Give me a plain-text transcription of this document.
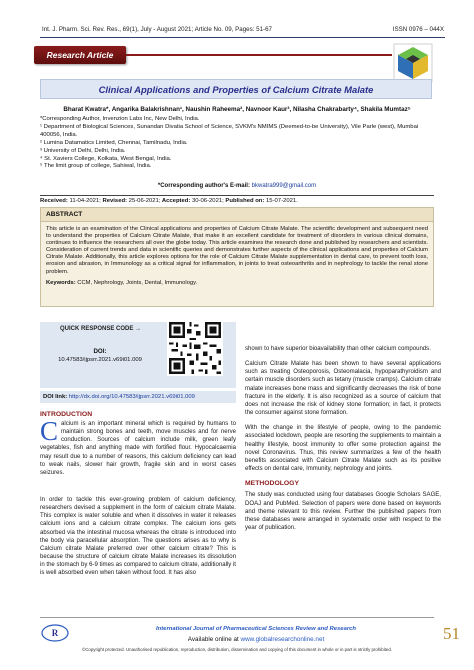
Int. J. Pharm. Sci. Rev. Res., 69(1), July - August 2021; Article No. 09, Pages: 51-67	ISSN 0976 – 044X
Research Article
Clinical Applications and Properties of Calcium Citrate Malate
Bharat Kwatra*, Angarika Balakrishnan¹, Naushin Raheema², Navnoor Kaur³, Nilasha Chakrabarty⁴, Shakila Mumtaz⁵
*Corresponding Author, Invenzion Labs Inc, New Delhi, India.
¹ Department of Biological Sciences, Sunandan Divatia School of Science, SVKM's NMIMS (Deemed-to-be University), Vile Parle (west), Mumbai 400056, India.
² Lumina Datamatics Limited, Chennai, Tamilnadu, India.
³ University of Delhi, Delhi, India.
⁴ St. Xaviers College, Kolkata, West Bengal, India.
⁵ The limit group of college, Sahiwal, India.
*Corresponding author's E-mail: bkwatra999@gmail.com
Received: 11-04-2021; Revised: 25-06-2021; Accepted: 30-06-2021; Published on: 15-07-2021.
ABSTRACT
This article is an examination of the Clinical applications and properties of Calcium Citrate Malate. The scientific development and subsequent need to understand the properties of Calcium Citrate Malate, that make it an excellent candidate for treatment of disorders in various clinical domains, continues to influence the researchers all over the globe today. This article examines the research done and published by researchers and scientists. Consideration of current trends and data in scientific queries and demonstrates further aspects of the clinical applications and properties of Calcium Citrate Malate. Additionally, this article explores options for the role of Calcium Citrate Malate supplementation in dental care, to prevent tooth loss, erosion and abrasion, in Immunology as a critical signal for inflammation, in joints to treat osteoarthritis and in nephrology to tackle the renal stone problem.
Keywords: CCM, Nephrology, Joints, Dental, Immunology.
QUICK RESPONSE CODE →
DOI:
10.47583/ijpsrr.2021.v69i01.009
DOI link: http://dx.doi.org/10.47583/ijpsrr.2021.v69i01.009
INTRODUCTION
Calcium is an important mineral which is required by humans to maintain strong bones and teeth, move muscles and for nerve conduction. Sources of calcium include milk, green leafy vegetables, fish and anything made with fortified flour. Hypocalcaemia may result due to a number of reasons, this calcium deficiency can lead to weak nails, slower hair growth, fragile skin and in worst cases seizures.
In order to tackle this ever-growing problem of calcium deficiency, researchers devised a supplement in the form of calcium citrate Malate. This complex is water soluble and when it dissolves in water it releases calcium ions and a calcium citrate complex. The calcium ions gets absorbed via the intestinal mucosa whereas the citrate is introduced into the body via paracellular absorption. The questions arises as to why is Calcium citrate Malate preferred over other calcium citrate? This is because the structure of calcium citrate Malate increases its dissolution in the stomach by 6-9 times as compared to calcium citrate, additionally it is well absorbed even when taken without food. It has also

shown to have superior bioavailability than other calcium compounds.

Calcium Citrate Malate has been shown to have several applications such as treating Osteoporosis, Osteomalacia, hypoparathyroidism and certain muscle disorders such as tetany (muscle cramps). Calcium citrate malate increases bone mass and significantly decreases the risk of bone fracture in the elderly. It is also recognized as a source of calcium that does not increase the risk of kidney stone formation; in fact, it protects the consumer against stone formation.

With the change in the lifestyle of people, owing to the pandemic associated lockdown, people are resorting the supplements to maintain a healthy lifestyle, boost immunity to offer some protection against the novel Coronavirus. Thus, this review summarizes a few of the health benefits associated with Calcium Citrate Malate such as its positive effects on dental care, Immunity, nephrology and joints.

METHODOLOGY

The study was conducted using four databases Google Scholars SAGE, DOAJ and PubMed. Selection of papers were done based on keywords and theme relevant to this review. Further the published papers from these databases were arranged in systematic order with respect to the year of publication.

R	International Journal of Pharmaceutical Sciences Review and Research
Available online at www.globalresearchonline.net
©Copyright protected. Unauthorised republication, reproduction, distribution, dissemination and copying of this document in whole or in part is strictly prohibited.
51
